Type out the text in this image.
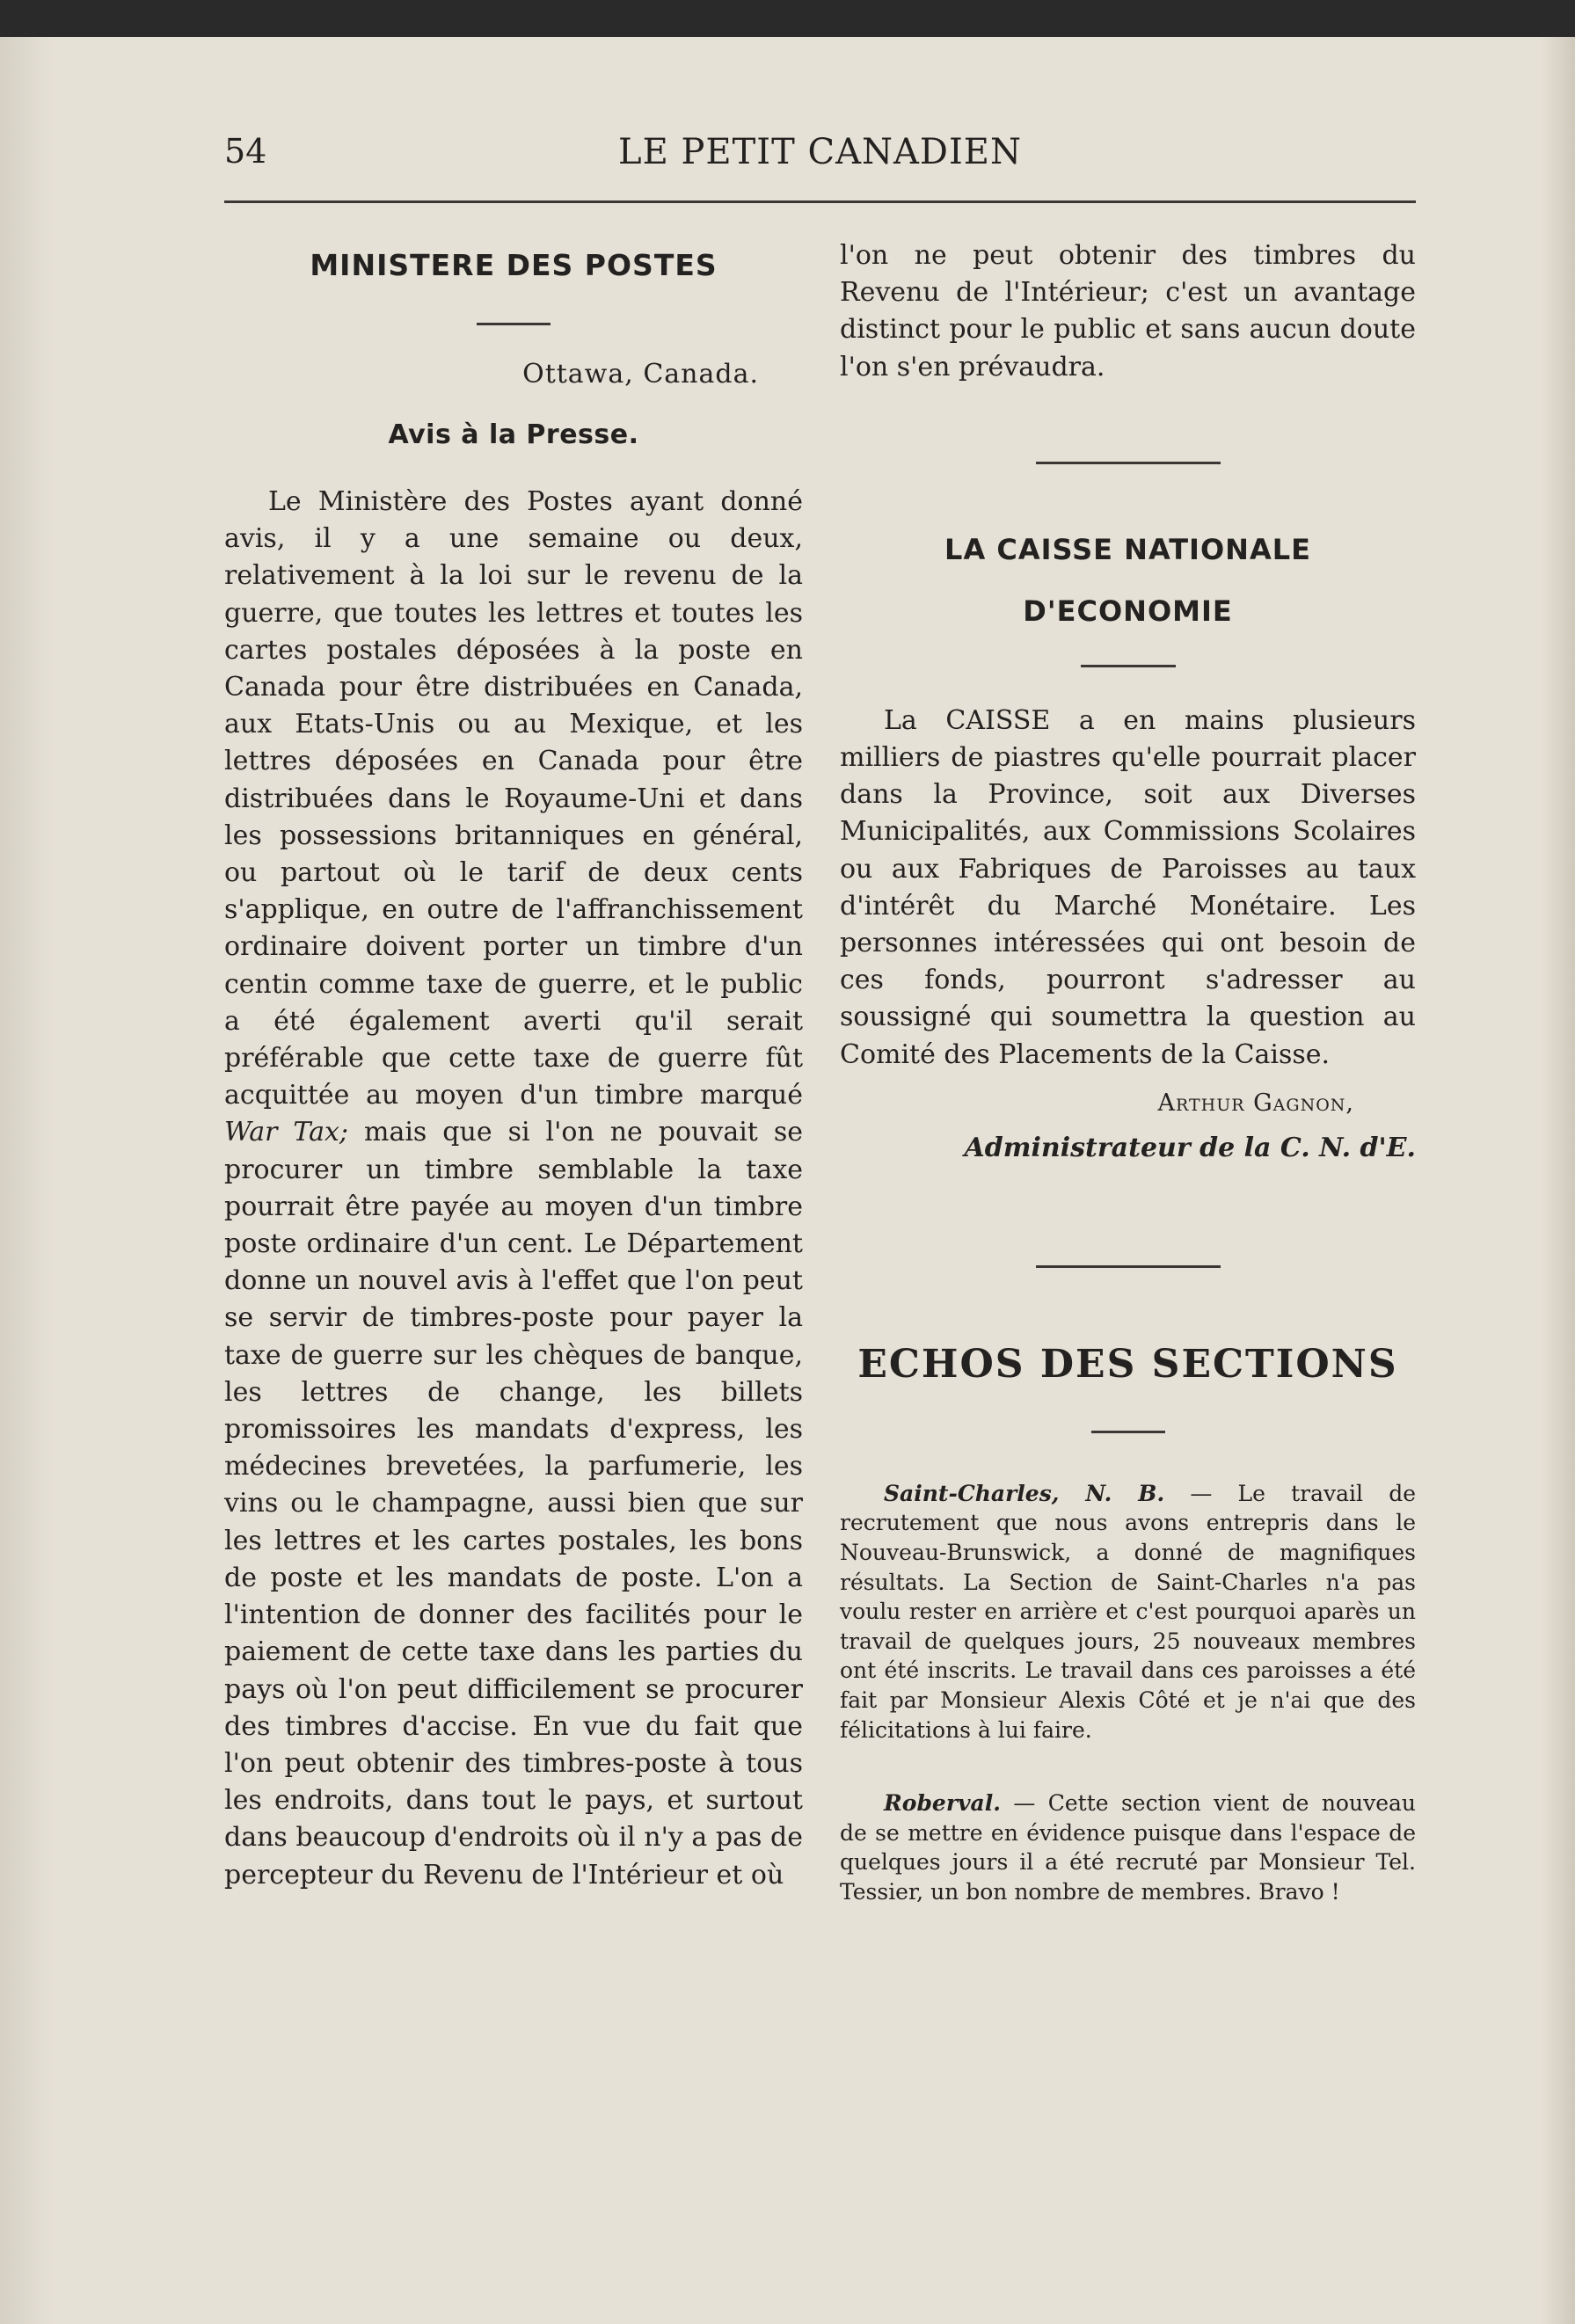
LE PETIT CANADIEN
54
MINISTERE DES POSTES
Ottawa, Canada.
Avis à la Presse.

Le Ministère des Postes ayant donné avis, il y a une semaine ou deux, relativement à la loi sur le revenu de la guerre, que toutes les lettres et toutes les cartes postales déposées à la poste en Canada pour être distribuées en Canada, aux Etats-Unis ou au Mexique, et les lettres déposées en Canada pour être distribuées dans le Royaume-Uni et dans les possessions britanniques en général, ou partout où le tarif de deux cents s'applique, en outre de l'affranchissement ordinaire doivent porter un timbre d'un centin comme taxe de guerre, et le public a été également averti qu'il serait préférable que cette taxe de guerre fût acquittée au moyen d'un timbre marqué War Tax; mais que si l'on ne pouvait se procurer un timbre semblable la taxe pourrait être payée au moyen d'un timbre poste ordinaire d'un cent. Le Département donne un nouvel avis à l'effet que l'on peut se servir de timbres-poste pour payer la taxe de guerre sur les chèques de banque, les lettres de change, les billets promissoires les mandats d'express, les médecines brevetées, la parfumerie, les vins ou le champagne, aussi bien que sur les lettres et les cartes postales, les bons de poste et les mandats de poste. L'on a l'intention de donner des facilités pour le paiement de cette taxe dans les parties du pays où l'on peut difficilement se procurer des timbres d'accise. En vue du fait que l'on peut obtenir des timbres-poste à tous les endroits, dans tout le pays, et surtout dans beaucoup d'endroits où il n'y a pas de percepteur du Revenu de l'Intérieur et où

l'on ne peut obtenir des timbres du Revenu de l'Intérieur; c'est un avantage distinct pour le public et sans aucun doute l'on s'en prévaudra.

LA CAISSE NATIONALE
D'ECONOMIE

La CAISSE a en mains plusieurs milliers de piastres qu'elle pourrait placer dans la Province, soit aux Diverses Municipalités, aux Commissions Scolaires ou aux Fabriques de Paroisses au taux d'intérêt du Marché Monétaire. Les personnes intéressées qui ont besoin de ces fonds, pourront s'adresser au soussigné qui soumettra la question au Comité des Placements de la Caisse.

Arthur Gagnon,
Administrateur de la C. N. d'E.
ECHOS DES SECTIONS

Saint-Charles, N. B. — Le travail de recrutement que nous avons entrepris dans le Nouveau-Brunswick, a donné de magnifiques résultats. La Section de Saint-Charles n'a pas voulu rester en arrière et c'est pourquoi aparès un travail de quelques jours, 25 nouveaux membres ont été inscrits. Le travail dans ces paroisses a été fait par Monsieur Alexis Côté et je n'ai que des félicitations à lui faire.

Roberval. — Cette section vient de nouveau de se mettre en évidence puisque dans l'espace de quelques jours il a été recruté par Monsieur Tel. Tessier, un bon nombre de membres. Bravo !
